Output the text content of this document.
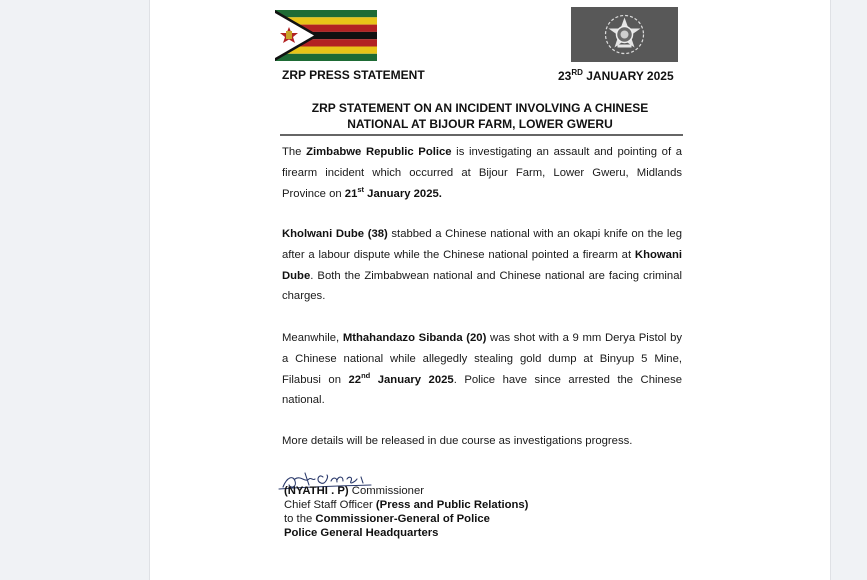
ZRP PRESS STATEMENT	23RD JANUARY 2025
ZRP STATEMENT ON AN INCIDENT INVOLVING A CHINESE
NATIONAL AT BIJOUR FARM, LOWER GWERU
The Zimbabwe Republic Police is investigating an assault and pointing of a firearm incident which occurred at Bijour Farm, Lower Gweru, Midlands Province on 21st January 2025.
Kholwani Dube (38) stabbed a Chinese national with an okapi knife on the leg after a labour dispute while the Chinese national pointed a firearm at Khowani Dube. Both the Zimbabwean national and Chinese national are facing criminal charges.
Meanwhile, Mthahandazo Sibanda (20) was shot with a 9 mm Derya Pistol by a Chinese national while allegedly stealing gold dump at Binyup 5 Mine, Filabusi on 22nd January 2025. Police have since arrested the Chinese national.
More details will be released in due course as investigations progress.
(NYATHI . P) Commissioner
Chief Staff Officer (Press and Public Relations)
to the Commissioner-General of Police
Police General Headquarters
